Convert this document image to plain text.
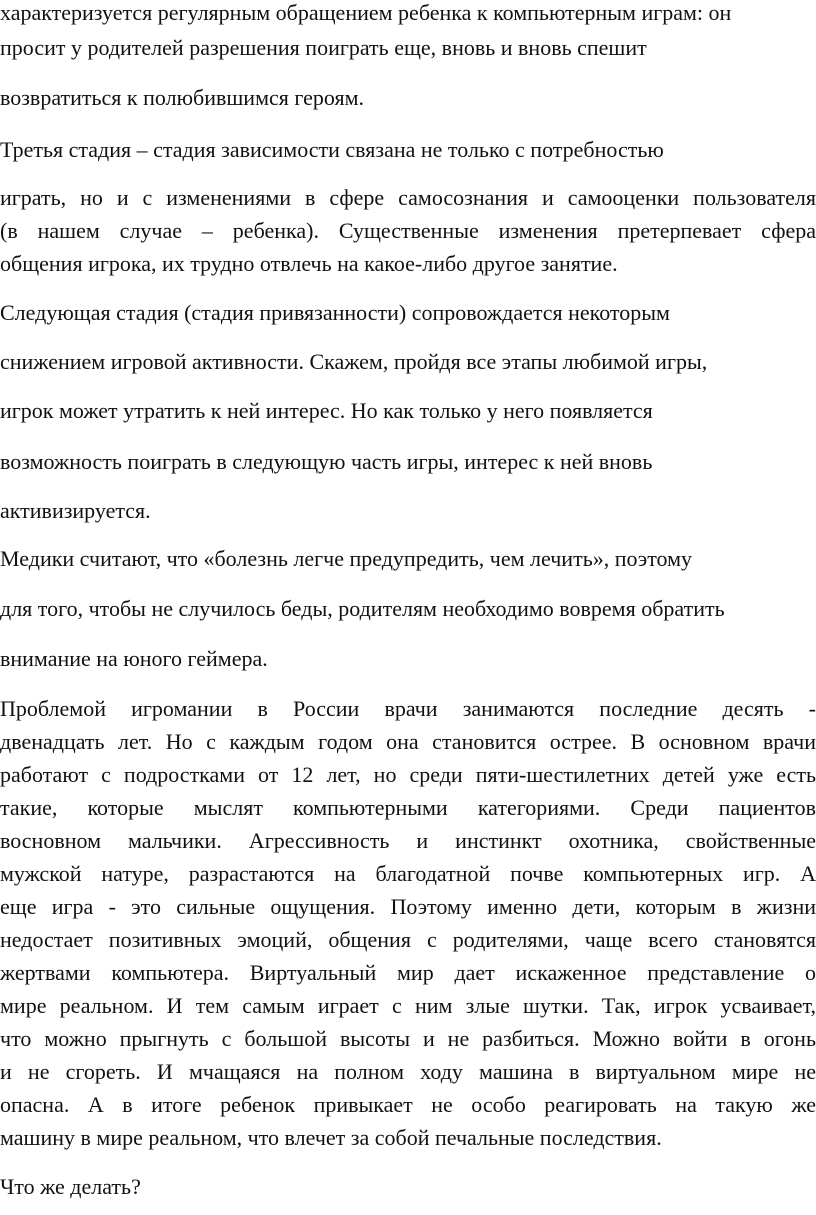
характеризуется регулярным обращением ребенка к компьютерным играм: он
просит у родителей разрешения поиграть еще, вновь и вновь спешит
возвратиться к полюбившимся героям.
Третья стадия – стадия зависимости связана не только с потребностью
играть, но и с изменениями в сфере самосознания и самооценки пользователя
(в нашем случае – ребенка). Существенные изменения претерпевает сфера
общения игрока, их трудно отвлечь на какое-либо другое занятие.
Следующая стадия (стадия привязанности) сопровождается некоторым
снижением игровой активности. Скажем, пройдя все этапы любимой игры,
игрок может утратить к ней интерес. Но как только у него появляется
возможность поиграть в следующую часть игры, интерес к ней вновь
активизируется.
Медики считают, что «болезнь легче предупредить, чем лечить», поэтому
для того, чтобы не случилось беды, родителям необходимо вовремя обратить
внимание на юного геймера.
Проблемой игромании в России врачи занимаются последние десять -
двенадцать лет. Но с каждым годом она становится острее. В основном врачи
работают с подростками от 12 лет, но среди пяти-шестилетних детей уже есть
такие, которые мыслят компьютерными категориями. Среди пациентов
восновном мальчики. Агрессивность и инстинкт охотника, свойственные
мужской натуре, разрастаются на благодатной почве компьютерных игр. А
еще игра - это сильные ощущения. Поэтому именно дети, которым в жизни
недостает позитивных эмоций, общения с родителями, чаще всего становятся
жертвами компьютера. Виртуальный мир дает искаженное представление о
мире реальном. И тем самым играет с ним злые шутки. Так, игрок усваивает,
что можно прыгнуть с большой высоты и не разбиться. Можно войти в огонь
и не сгореть. И мчащаяся на полном ходу машина в виртуальном мире не
опасна. А в итоге ребенок привыкает не особо реагировать на такую же
машину в мире реальном, что влечет за собой печальные последствия.
Что же делать?
